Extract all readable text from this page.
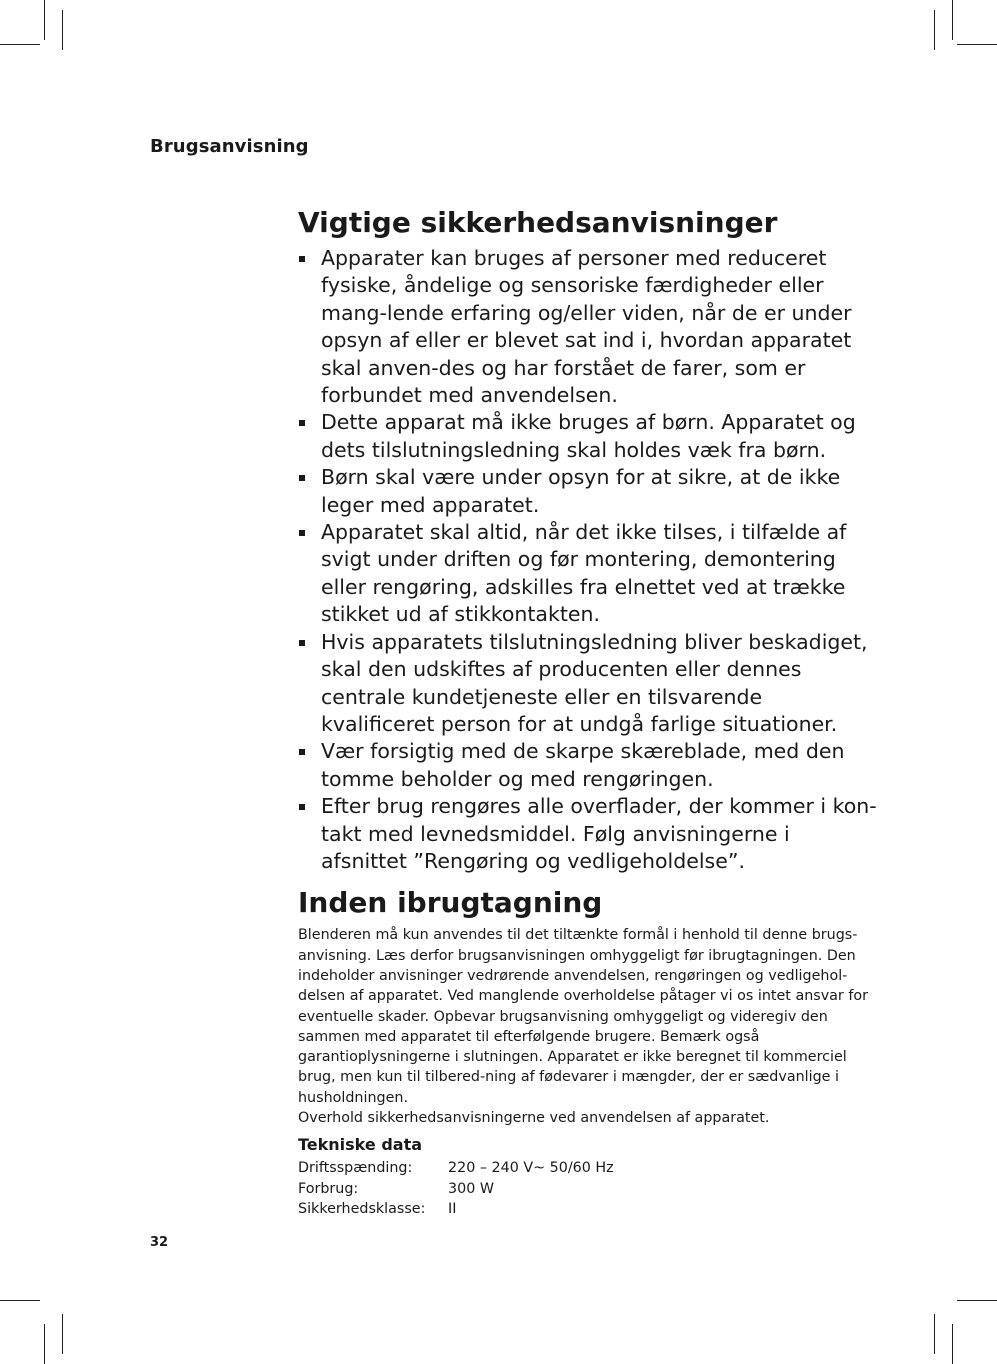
Brugsanvisning
Vigtige sikkerhedsanvisninger
Apparater kan bruges af personer med reduceret fysiske, åndelige og sensoriske færdigheder eller mang-lende erfaring og/eller viden, når de er under opsyn af eller er blevet sat ind i, hvordan apparatet skal anven-des og har forstået de farer, som er forbundet med anvendelsen.
Dette apparat må ikke bruges af børn. Apparatet og dets tilslutningsledning skal holdes væk fra børn.
Børn skal være under opsyn for at sikre, at de ikke leger med apparatet.
Apparatet skal altid, når det ikke tilses, i tilfælde af svigt under driften og før montering, demontering eller rengøring, adskilles fra elnettet ved at trække stikket ud af stikkontakten.
Hvis apparatets tilslutningsledning bliver beskadiget, skal den udskiftes af producenten eller dennes centrale kundetjeneste eller en tilsvarende kvalificeret person for at undgå farlige situationer.
Vær forsigtig med de skarpe skæreblade, med den tomme beholder og med rengøringen.
Efter brug rengøres alle overflader, der kommer i kon-takt med levnedsmiddel. Følg anvisningerne i afsnittet ”Rengøring og vedligeholdelse”.
Inden ibrugtagning

Blenderen må kun anvendes til det tiltænkte formål i henhold til denne brugs-anvisning. Læs derfor brugsanvisningen omhyggeligt før ibrugtagningen. Den indeholder anvisninger vedrørende anvendelsen, rengøringen og vedligehol-delsen af apparatet. Ved manglende overholdelse påtager vi os intet ansvar for eventuelle skader. Opbevar brugsanvisning omhyggeligt og videregiv den sammen med apparatet til efterfølgende brugere. Bemærk også garantioplysningerne i slutningen. Apparatet er ikke beregnet til kommerciel brug, men kun til tilbered-ning af fødevarer i mængder, der er sædvanlige i husholdningen.
Overhold sikkerhedsanvisningerne ved anvendelsen af apparatet.

Tekniske data
Driftsspænding:	220 – 240 V~ 50/60 Hz
Forbrug:	300 W
Sikkerhedsklasse:	II
32
